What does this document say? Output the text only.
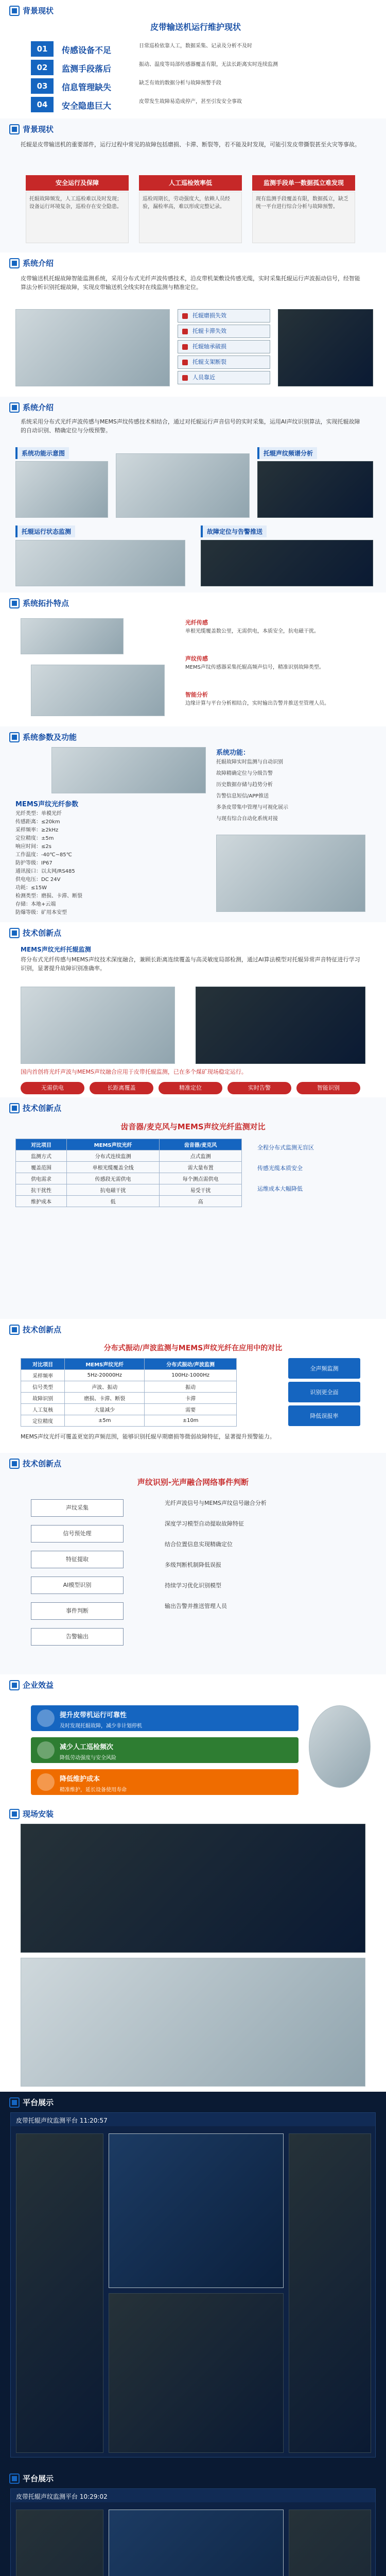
背景现状
皮带输送机运行维护现状
01	传感设备不足	日常巡检依靠人工，数据采集、记录及分析不及时
02	监测手段落后	振动、温度等局部传感器覆盖有限，无法长距离实时连续监测
03	信息管理缺失	缺乏有效的数据分析与故障预警手段
04	安全隐患巨大	皮带发生故障易造成停产，甚至引发安全事故
背景现状
托辊是皮带输送机的重要部件，运行过程中常见的故障包括磨损、卡滞、断裂等，若不能及时发现，可能引发皮带撕裂甚至火灾等事故。
安全运行及保障
托辊故障频发，人工巡检难以及时发现；设备运行环境复杂，巡检存在安全隐患。
人工巡检效率低
巡检周期长，劳动强度大，依赖人员经验，漏检率高，难以形成完整记录。
监测手段单一数据孤立难发现
现有监测手段覆盖有限，数据孤立，缺乏统一平台进行综合分析与故障预警。
系统介绍
皮带输送机托辊故障智能监测系统，采用分布式光纤声波传感技术，沿皮带机架敷设传感光缆，实时采集托辊运行声波振动信号，经智能算法分析识别托辊故障，实现皮带输送机全线实时在线监测与精准定位。
托辊磨损失效
托辊卡滞失效
托辊轴承破损
托辊支架断裂
人员靠近
系统介绍
系统采用分布式光纤声波传感与MEMS声纹传感技术相结合，通过对托辊运行声音信号的实时采集，运用AI声纹识别算法，实现托辊故障的自动识别、精确定位与分级预警。
系统功能示意图	托辊声纹频谱分析
托辊运行状态监测	故障定位与告警推送
系统拓扑特点
光纤传感
单根光缆覆盖数公里，无需供电，本质安全，抗电磁干扰。
声纹传感
MEMS声纹传感器采集托辊高频声信号，精准识别故障类型。
智能分析
边缘计算与平台分析相结合，实时输出告警并推送至管理人员。
系统参数及功能
MEMS声纹光纤参数
光纤类型：单模光纤
传感距离：≤20km
采样频率：≥2kHz
定位精度：±5m
响应时间：≤2s
工作温度：-40℃~85℃
防护等级：IP67
通讯接口：以太网/RS485
供电电压：DC 24V
功耗：≤15W
检测类型：磨损、卡滞、断裂
存储：本地+云端
防爆等级：矿用本安型
系统功能：
托辊故障实时监测与自动识别
故障精确定位与分级告警
历史数据存储与趋势分析
告警信息短信/APP推送
多条皮带集中管理与可视化展示
与现有综合自动化系统对接
技术创新点
MEMS声纹光纤托辊监测
将分布式光纤传感与MEMS声纹技术深度融合，兼顾长距离连续覆盖与高灵敏度局部检测，通过AI算法模型对托辊异常声音特征进行学习识别，显著提升故障识别准确率。
国内首创将光纤声波与MEMS声纹融合应用于皮带托辊监测，已在多个煤矿现场稳定运行。
无需供电	长距离覆盖	精准定位	实时告警	智能识别
技术创新点
齿音器/麦克风与MEMS声纹光纤监测对比
对比项目	MEMS声纹光纤	齿音器/麦克风
监测方式	分布式连续监测	点式监测
覆盖范围	单根光缆覆盖全线	需大量布置
供电需求	传感段无需供电	每个测点需供电
抗干扰性	抗电磁干扰	易受干扰
维护成本	低	高
全程分布式监测无盲区
传感光缆本质安全
运维成本大幅降低
技术创新点
分布式振动/声波监测与MEMS声纹光纤在应用中的对比
对比项目	MEMS声纹光纤	分布式振动/声波监测
采样频率	5Hz-20000Hz	100Hz-1000Hz
信号类型	声波、振动	振动
故障识别	磨损、卡滞、断裂	卡滞
人工复核	大量减少	需要
定位精度	±5m	±10m
全声频监测
识别更全面
降低误报率
MEMS声纹光纤可覆盖更宽的声频范围，能够识别托辊早期磨损等微弱故障特征，显著提升预警能力。
技术创新点
声纹识别-光声融合网络事件判断
声纹采集
信号预处理
特征提取
AI模型识别
事件判断
告警输出
光纤声波信号与MEMS声纹信号融合分析
深度学习模型自动提取故障特征
结合位置信息实现精确定位
多级判断机制降低误报
持续学习优化识别模型
输出告警并推送管理人员
企业效益
提升皮带机运行可靠性
及时发现托辊故障，减少非计划停机
减少人工巡检频次
降低劳动强度与安全风险
降低维护成本
精准维护，延长设备使用寿命
现场安装
平台展示
皮带托辊声纹监测平台 11:20:57
平台展示
皮带托辊声纹监测平台 10:29:02
